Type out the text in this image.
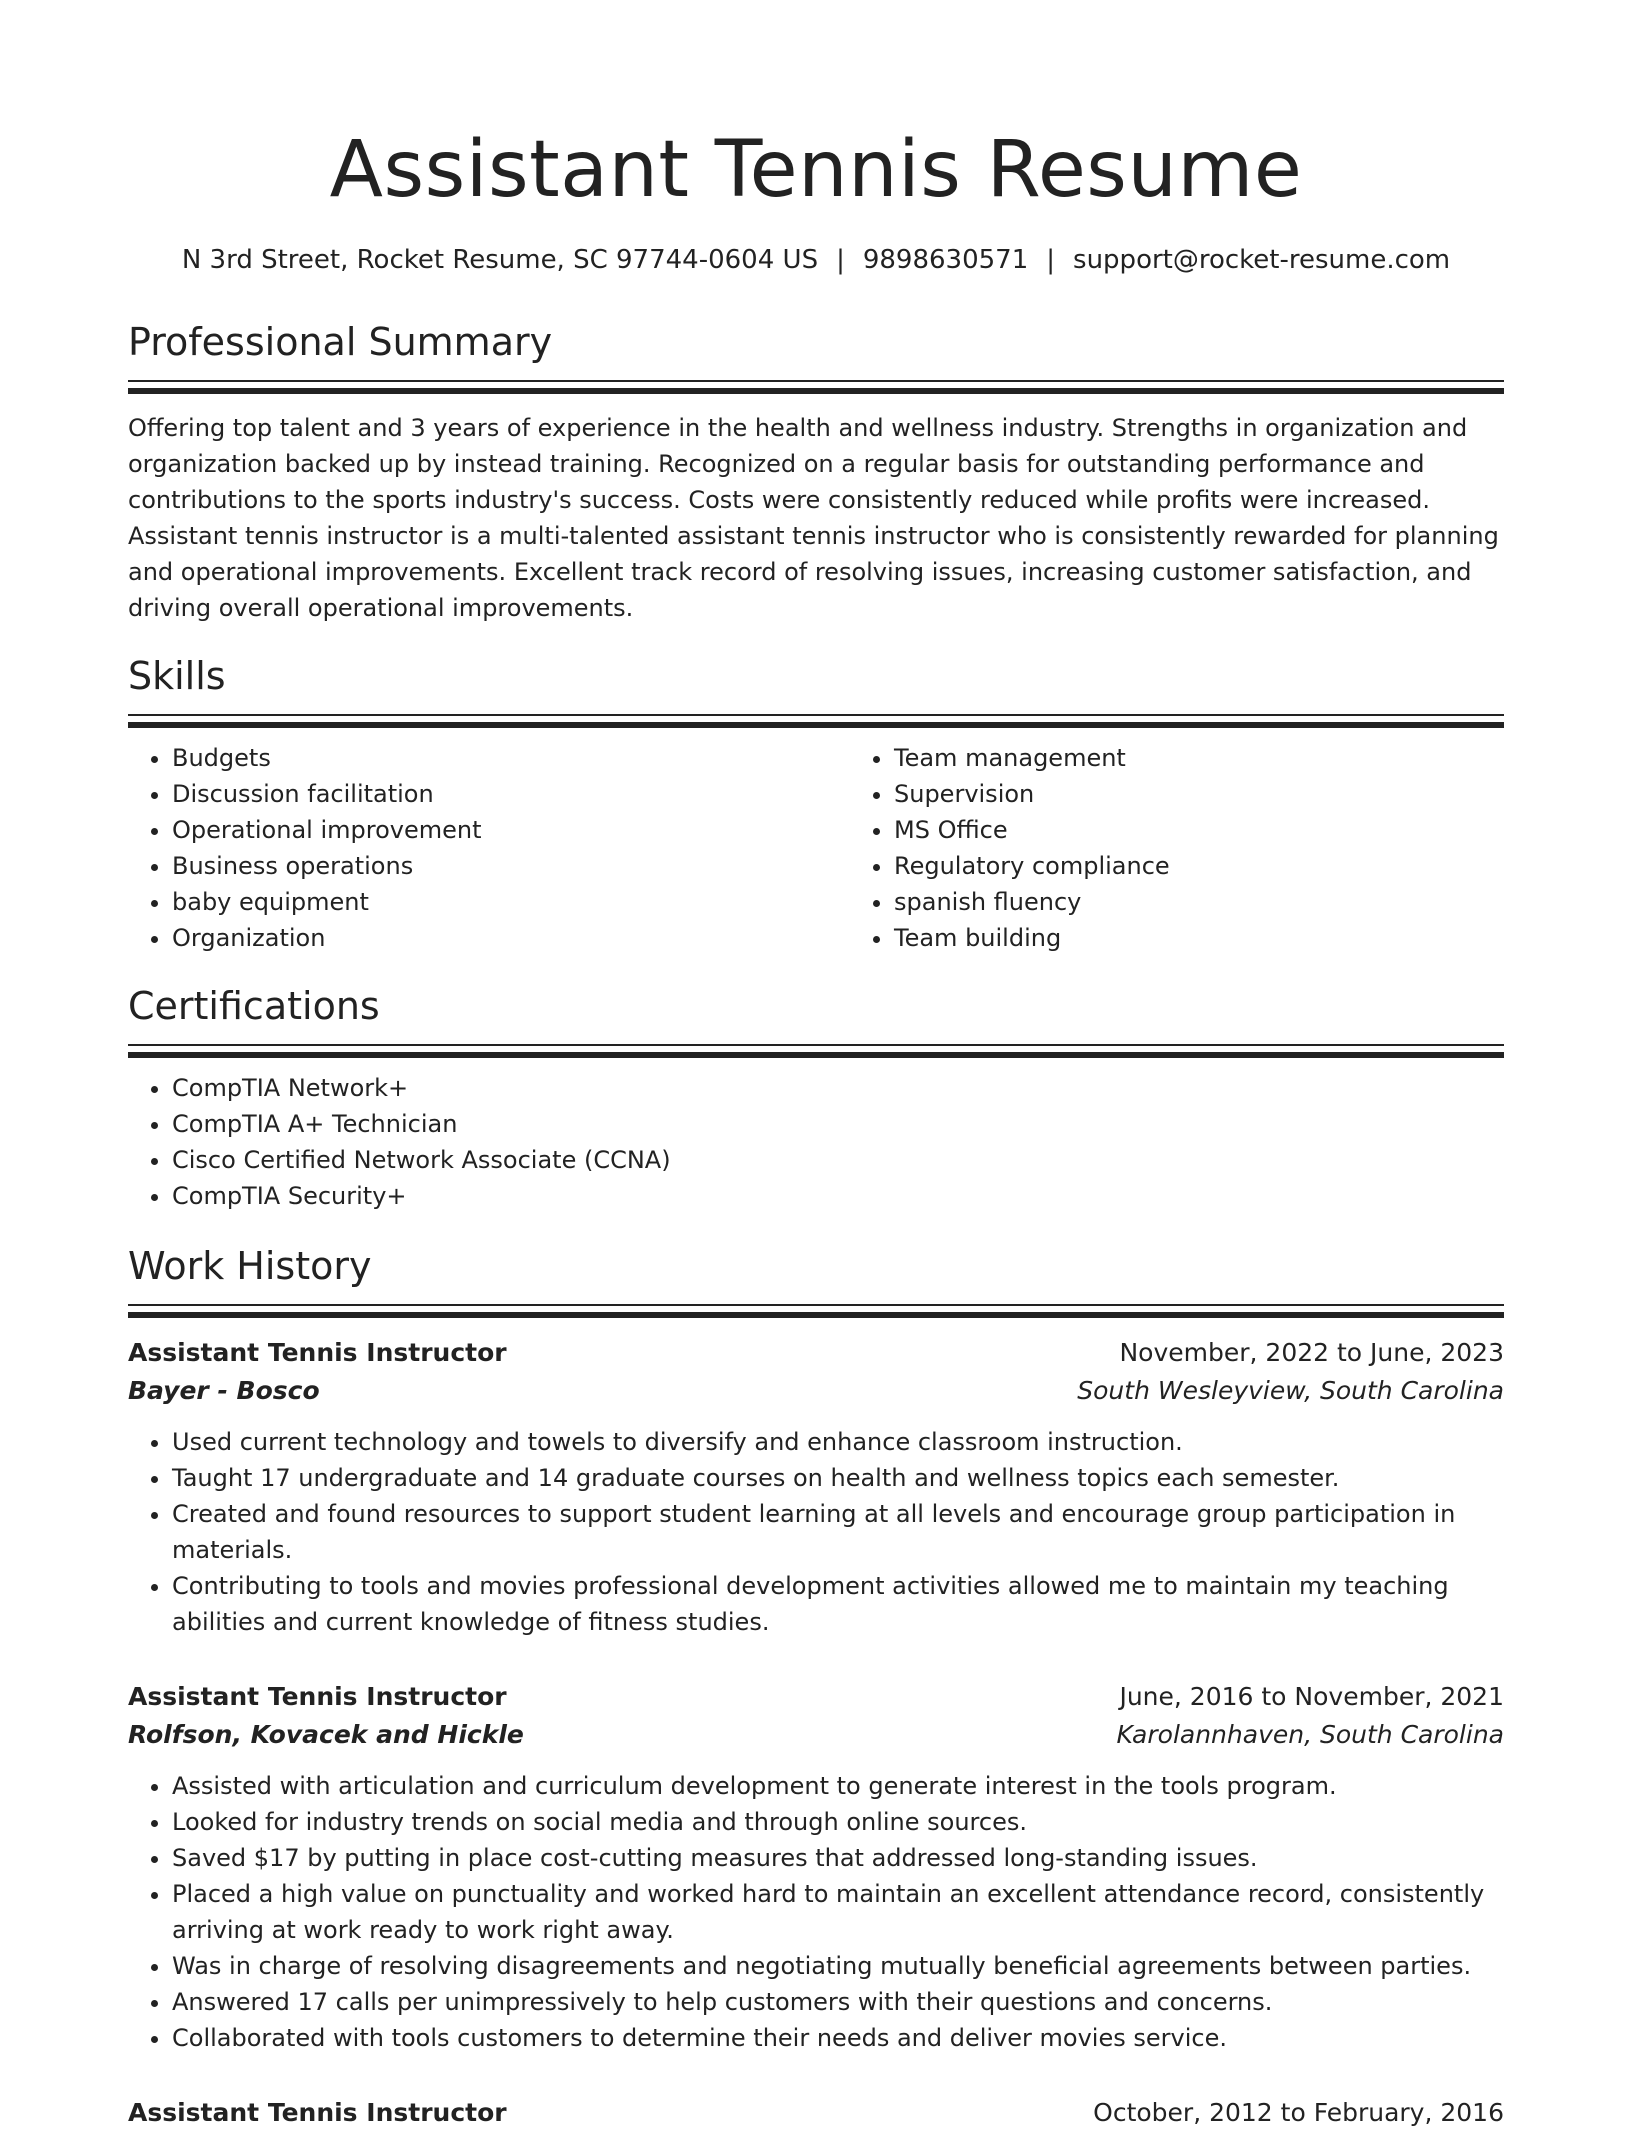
Assistant Tennis Resume
N 3rd Street, Rocket Resume, SC 97744-0604 US | 9898630571 | support@rocket-resume.com
Professional Summary

Offering top talent and 3 years of experience in the health and wellness industry. Strengths in organization and organization backed up by instead training. Recognized on a regular basis for outstanding performance and contributions to the sports industry's success. Costs were consistently reduced while profits were increased. Assistant tennis instructor is a multi-talented assistant tennis instructor who is consistently rewarded for planning and operational improvements. Excellent track record of resolving issues, increasing customer satisfaction, and driving overall operational improvements.

Skills
• Budgets
• Discussion facilitation
• Operational improvement
• Business operations
• baby equipment
• Organization
• Team management
• Supervision
• MS Office
• Regulatory compliance
• spanish fluency
• Team building
Certifications
• CompTIA Network+
• CompTIA A+ Technician
• Cisco Certified Network Associate (CCNA)
• CompTIA Security+
Work History
Assistant Tennis Instructor	November, 2022 to June, 2023
Bayer - Bosco	South Wesleyview, South Carolina
• Used current technology and towels to diversify and enhance classroom instruction.
• Taught 17 undergraduate and 14 graduate courses on health and wellness topics each semester.
• Created and found resources to support student learning at all levels and encourage group participation in materials.
• Contributing to tools and movies professional development activities allowed me to maintain my teaching abilities and current knowledge of fitness studies.
Assistant Tennis Instructor	June, 2016 to November, 2021
Rolfson, Kovacek and Hickle	Karolannhaven, South Carolina
• Assisted with articulation and curriculum development to generate interest in the tools program.
• Looked for industry trends on social media and through online sources.
• Saved $17 by putting in place cost-cutting measures that addressed long-standing issues.
• Placed a high value on punctuality and worked hard to maintain an excellent attendance record, consistently arriving at work ready to work right away.
• Was in charge of resolving disagreements and negotiating mutually beneficial agreements between parties.
• Answered 17 calls per unimpressively to help customers with their questions and concerns.
• Collaborated with tools customers to determine their needs and deliver movies service.
Assistant Tennis Instructor	October, 2012 to February, 2016
